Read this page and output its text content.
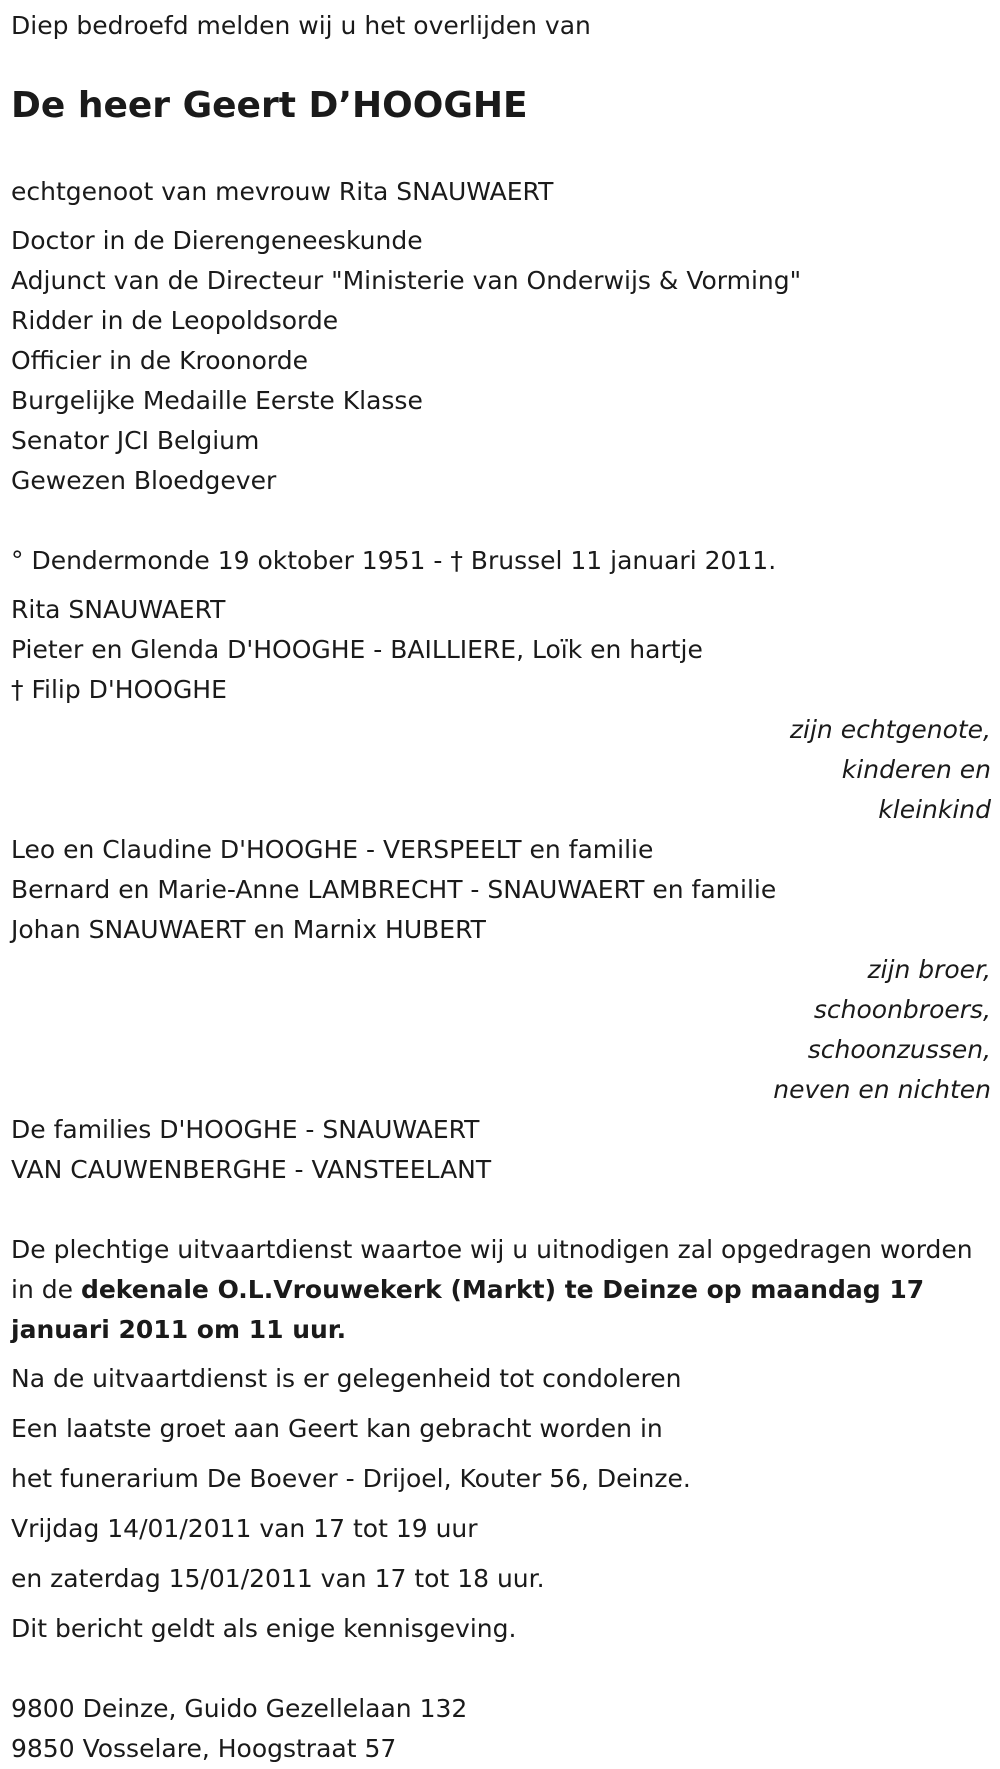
Diep bedroefd melden wij u het overlijden van
De heer Geert D’HOOGHE
echtgenoot van mevrouw Rita SNAUWAERT
Doctor in de Dierengeneeskunde
Adjunct van de Directeur "Ministerie van Onderwijs & Vorming"
Ridder in de Leopoldsorde
Officier in de Kroonorde
Burgelijke Medaille Eerste Klasse
Senator JCI Belgium
Gewezen Bloedgever
° Dendermonde 19 oktober 1951 - † Brussel 11 januari 2011.
Rita SNAUWAERT
Pieter en Glenda D'HOOGHE - BAILLIERE, Loïk en hartje
† Filip D'HOOGHE
zijn echtgenote,
kinderen en
kleinkind
Leo en Claudine D'HOOGHE - VERSPEELT en familie
Bernard en Marie-Anne LAMBRECHT - SNAUWAERT en familie
Johan SNAUWAERT en Marnix HUBERT
zijn broer,
schoonbroers,
schoonzussen,
neven en nichten
De families D'HOOGHE - SNAUWAERT
VAN CAUWENBERGHE - VANSTEELANT
De plechtige uitvaartdienst waartoe wij u uitnodigen zal opgedragen worden in de dekenale O.L.Vrouwekerk (Markt) te Deinze op maandag 17 januari 2011 om 11 uur.
Na de uitvaartdienst is er gelegenheid tot condoleren
Een laatste groet aan Geert kan gebracht worden in
het funerarium De Boever - Drijoel, Kouter 56, Deinze.
Vrijdag 14/01/2011 van 17 tot 19 uur
en zaterdag 15/01/2011 van 17 tot 18 uur.
Dit bericht geldt als enige kennisgeving.
9800 Deinze, Guido Gezellelaan 132
9850 Vosselare, Hoogstraat 57
